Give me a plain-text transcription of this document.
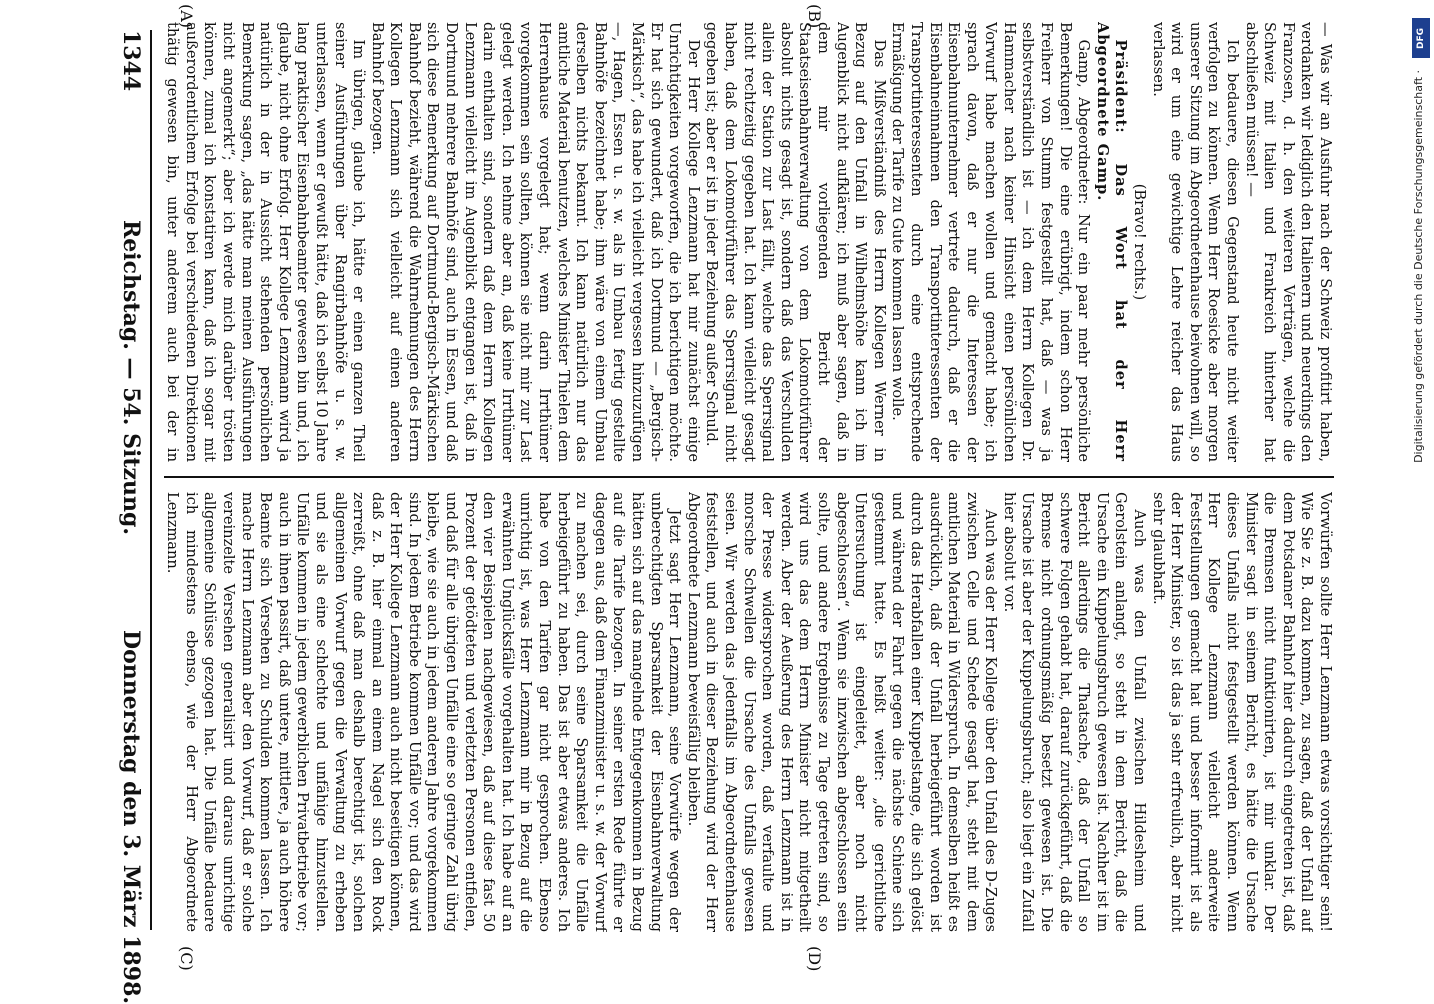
1344
Reichstag. — 54. Sitzung.
Donnerstag den 3. März 1898.

— Was wir an Ausfuhr nach der Schweiz profitirt haben, verdanken wir lediglich den Italienern und neuerdings den Franzosen, d. h. den weiteren Verträgen, welche die Schweiz mit Italien und Frankreich hinterher hat abschließen müssen! —

Ich bedauere, diesen Gegenstand heute nicht weiter verfolgen zu können. Wenn Herr Roesicke aber morgen unserer Sitzung im Abgeordnetenhause beiwohnen will, so wird er um eine gewichtige Lehre reicher das Haus verlassen.

(Bravo! rechts.)

Präsident: Das Wort hat der Herr Abgeordnete Gamp.

Gamp, Abgeordneter: Nur ein paar mehr persönliche Bemerkungen! Die eine erübrigt, indem schon Herr Freiherr von Stumm festgestellt hat, daß — was ja selbstverständlich ist — ich dem Herrn Kollegen Dr. Hammacher nach keiner Hinsicht einen persönlichen Vorwurf habe machen wollen und gemacht habe; ich sprach davon, daß er nur die Interessen der Eisenbahnunternehmer vertrete dadurch, daß er die Eisenbahneinnahmen den Transportinteressenten der Transportinteressenten durch eine entsprechende Ermäßigung der Tarife zu Gute kommen lassen wolle.

Das Mißverständniß des Herrn Kollegen Werner in Bezug auf den Unfall in Wilhelmshöhe kann ich im Augenblick nicht aufklären; ich muß aber sagen, daß in dem mir vorliegenden Bericht der Staatseisenbahnverwaltung von dem Lokomotivführer absolut nichts gesagt ist, sondern daß das Verschulden allein der Station zur Last fällt, welche das Sperrsignal nicht rechtzeitig gegeben hat. Ich kann vielleicht gesagt haben, daß dem Lokomotivführer das Sperrsignal nicht gegeben ist; aber er ist in jeder Beziehung außer Schuld.

Der Herr Kollege Lenzmann hat mir zunächst einige Unrichtigkeiten vorgeworfen, die ich berichtigen möchte. Er hat sich gewundert, daß ich Dortmund — „Bergisch-Märkisch“, das habe ich vielleicht vergessen hinzuzufügen —, Hagen, Essen u. s. w. als in Umbau fertig gestellte Bahnhöfe bezeichnet habe; ihm wäre von einem Umbau derselben nichts bekannt. Ich kann natürlich nur das amtliche Material benutzen, welches Minister Thielen dem Herrenhause vorgelegt hat; wenn darin Irrthümer vorgekommen sein sollten, können sie nicht mir zur Last gelegt werden. Ich nehme aber an, daß keine Irrthümer darin enthalten sind, sondern daß dem Herrn Kollegen Lenzmann vielleicht im Augenblick entgangen ist, daß in Dortmund mehrere Bahnhöfe sind, auch in Essen, und daß sich diese Bemerkung auf Dortmund-Bergisch-Märkischen Bahnhof bezieht, während die Wahrnehmungen des Herrn Kollegen Lenzmann sich vielleicht auf einen anderen Bahnhof bezogen.

Im übrigen, glaube ich, hätte er einen ganzen Theil seiner Ausführungen über Rangirbahnhöfe u. s. w. unterlassen, wenn er gewußt hätte, daß ich selbst 10 Jahre lang praktischer Eisenbahnbeamter gewesen bin und, ich glaube, nicht ohne Erfolg. Herr Kollege Lenzmann wird ja natürlich in der in Aussicht stehenden persönlichen Bemerkung sagen, „das hätte man meinen Ausführungen nicht angemerkt“; aber ich werde mich darüber trösten können, zumal ich konstatiren kann, daß ich sogar mit außerordentlichem Erfolge bei verschiedenen Direktionen thätig gewesen bin, unter anderem auch bei der in

Vorwürfen sollte Herr Lenzmann etwas vorsichtiger sein! Wie Sie z. B. dazu kommen, zu sagen, daß der Unfall auf dem Potsdamer Bahnhof hier dadurch eingetreten ist, daß die Bremsen nicht funktionirten, ist mir unklar. Der Minister sagt in seinem Bericht, es hätte die Ursache dieses Unfalls nicht festgestellt werden können. Wenn Herr Kollege Lenzmann vielleicht anderweite Feststellungen gemacht hat und besser informirt ist als der Herr Minister, so ist das ja sehr erfreulich, aber nicht sehr glaubhaft.

Auch was den Unfall zwischen Hildesheim und Gerolstein anlangt, so steht in dem Bericht, daß die Ursache ein Kuppelungsbruch gewesen ist. Nachher ist im Bericht allerdings die Thatsache, daß der Unfall so schwere Folgen gehabt hat, darauf zurückgeführt, daß die Bremse nicht ordnungsmäßig besetzt gewesen ist. Die Ursache ist aber der Kuppelungsbruch; also liegt ein Zufall hier absolut vor.

Auch was der Herr Kollege über den Unfall des D-Zuges zwischen Celle und Schede gesagt hat, steht mit dem amtlichen Material in Widerspruch. In demselben heißt es ausdrücklich, daß der Unfall herbeigeführt worden ist durch das Herabfallen einer Kuppelstange, die sich gelöst und während der Fahrt gegen die nächste Schiene sich gestemmt hatte. Es heißt weiter: „die gerichtliche Untersuchung ist eingeleitet, aber noch nicht abgeschlossen“. Wenn sie inzwischen abgeschlossen sein sollte, und andere Ergebnisse zu Tage getreten sind, so wird uns das dem Herrn Minister nicht mitgetheilt werden. Aber der Aeußerung des Herrn Lenzmann ist in der Presse widersprochen worden, daß verfaulte und morsche Schwellen die Ursache des Unfalls gewesen seien. Wir werden das jedenfalls im Abgeordnetenhause feststellen, und auch in dieser Beziehung wird der Herr Abgeordnete Lenzmann beweisfällig bleiben.

Jetzt sagt Herr Lenzmann, seine Vorwürfe wegen der unberechtigten Sparsamkeit der Eisenbahnverwaltung hätten sich auf das mangelnde Entgegenkommen in Bezug auf die Tarife bezogen. In seiner ersten Rede führte er dagegen aus, daß dem Finanzminister u. s. w. der Vorwurf zu machen sei, durch seine Sparsamkeit die Unfälle herbeigeführt zu haben. Das ist aber etwas anderes. Ich habe von den Tarifen gar nicht gesprochen. Ebenso unrichtig ist, was Herr Lenzmann mir in Bezug auf die erwähnten Unglücksfälle vorgehalten hat. Ich habe auf an den vier Beispielen nachgewiesen, daß auf diese fast 50 Prozent der getödteten und verletzten Personen entfielen, und daß für alle übrigen Unfälle eine so geringe Zahl übrig bleibe, wie sie auch in jedem anderen Jahre vorgekommen sind. In jedem Betriebe kommen Unfälle vor; und das wird der Herr Kollege Lenzmann auch nicht beseitigen können, daß z. B. hier einmal an einem Nagel sich den Rock zerreißt, ohne daß man deshalb berechtigt ist, solchen allgemeinen Vorwurf gegen die Verwaltung zu erheben und sie als eine schlechte und unfähige hinzustellen. Unfälle kommen in jedem gewerblichen Privatbetriebe vor; auch in ihnen passirt, daß untere, mittlere, ja auch höhere Beamte sich Versehen zu Schulden kommen lassen. Ich mache Herrn Lenzmann aber den Vorwurf, daß er solche vereinzelte Versehen generalisirt und daraus unrichtige allgemeine Schlüsse gezogen hat. Die Unfälle bedauere ich mindestens ebenso, wie der Herr Abgeordnete Lenzmann.

(A)	(B)
(C)	(D)
DFG
Digitalisierung gefördert durch die Deutsche Forschungsgemeinschaft ·
